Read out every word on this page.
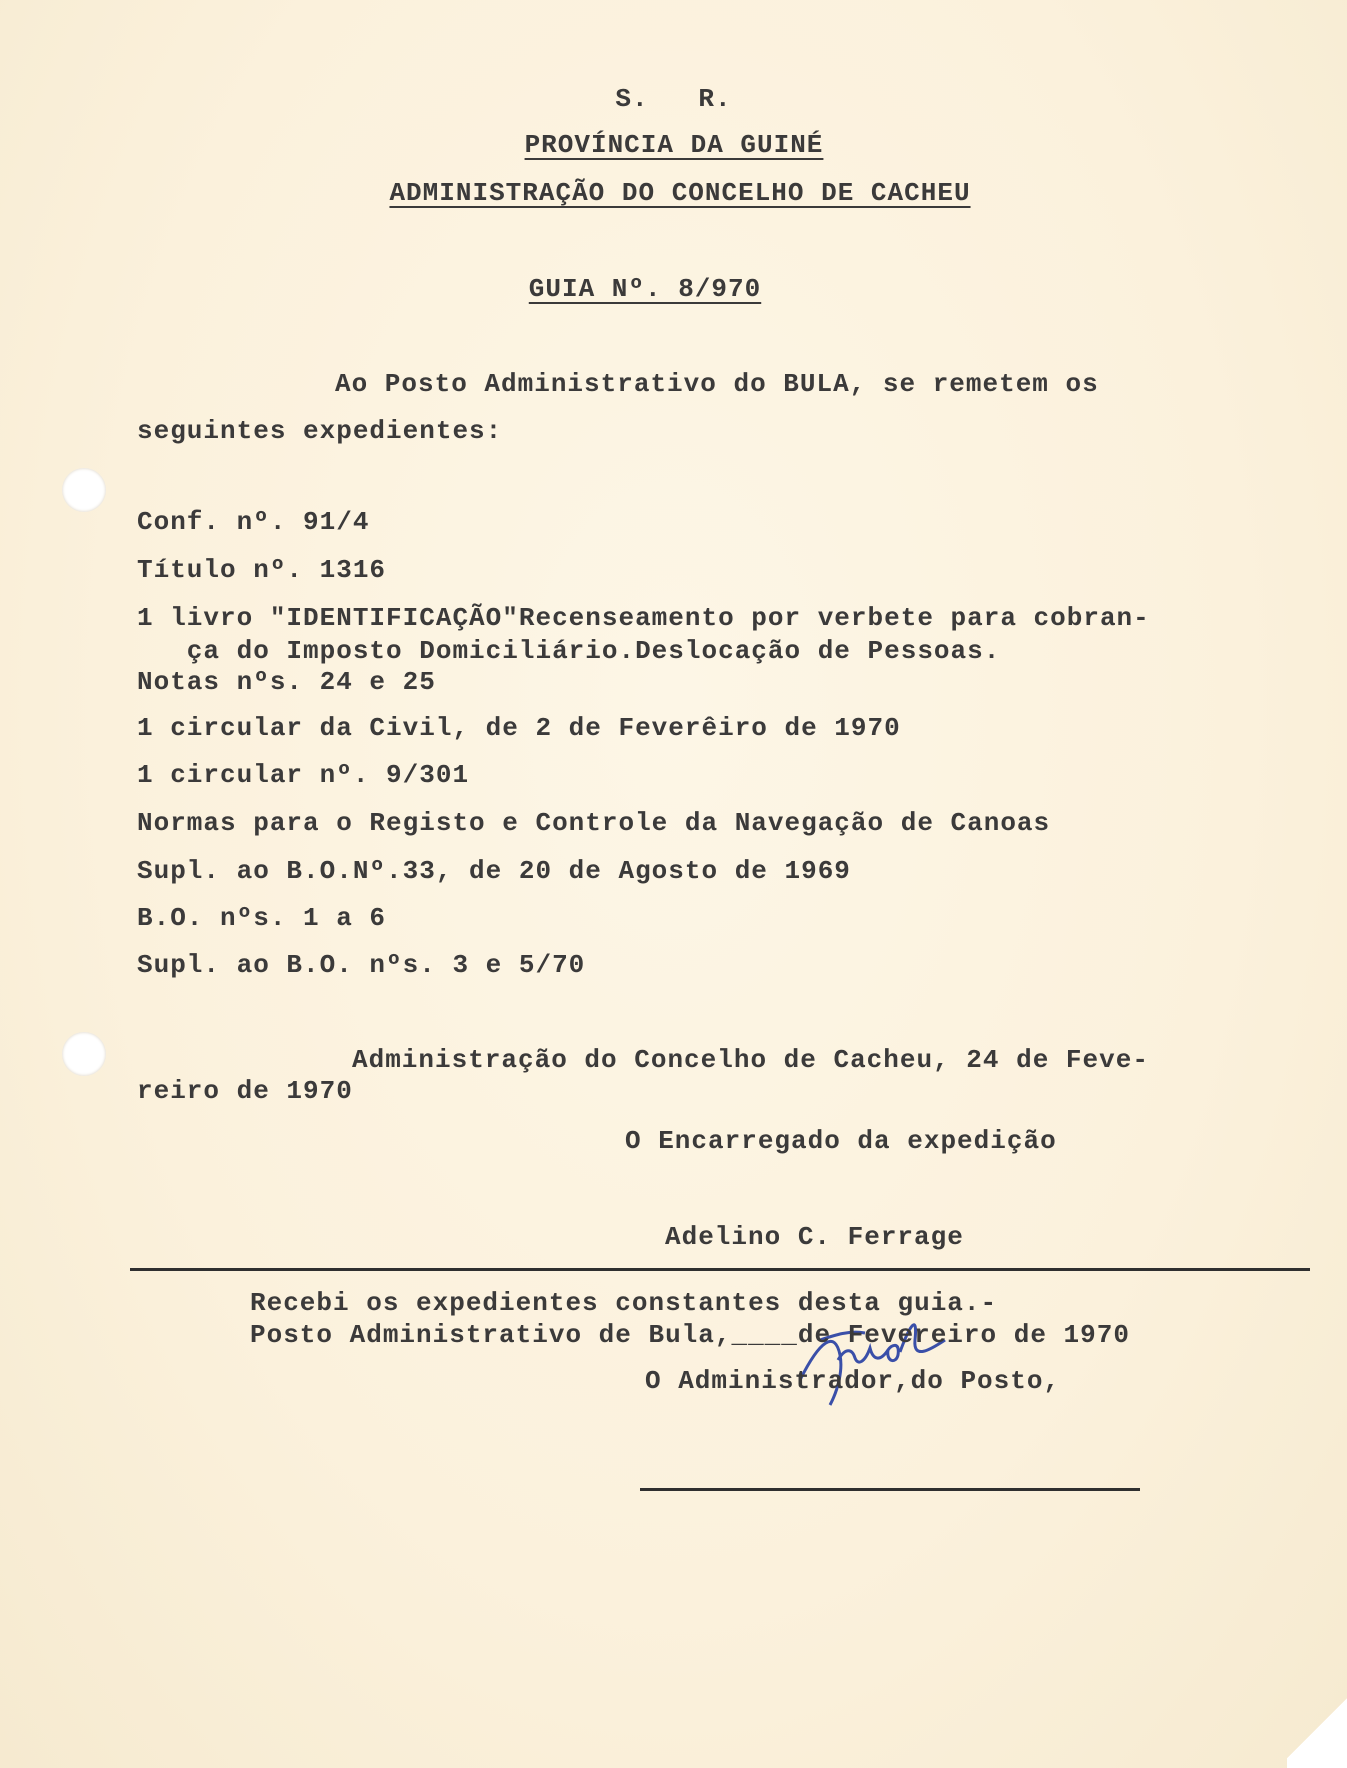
S.   R.
PROVÍNCIA DA GUINÉ
ADMINISTRAÇÃO DO CONCELHO DE CACHEU
GUIA Nº. 8/970
Ao Posto Administrativo do BULA, se remetem os
seguintes expedientes:
Conf. nº. 91/4
Título nº. 1316
1 livro "IDENTIFICAÇÃO"Recenseamento por verbete para cobran-
ça do Imposto Domiciliário.Deslocação de Pessoas.
Notas nºs. 24 e 25
1 circular da Civil, de 2 de Feverêiro de 1970
1 circular nº. 9/301
Normas para o Registo e Controle da Navegação de Canoas
Supl. ao B.O.Nº.33, de 20 de Agosto de 1969
B.O. nºs. 1 a 6
Supl. ao B.O. nºs. 3 e 5/70
Administração do Concelho de Cacheu, 24 de Feve-
reiro de 1970
O Encarregado da expedição
Adelino C. Ferrage
Recebi os expedientes constantes desta guia.-
Posto Administrativo de Bula,____de Fevereiro de 1970
O Administrador,do Posto,
